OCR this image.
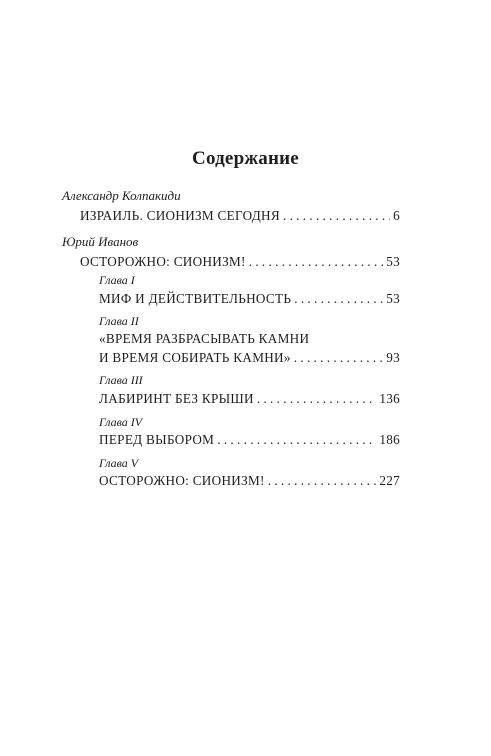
Содержание
Александр Колпакиди
ИЗРАИЛЬ. СИОНИЗМ СЕГОДНЯ . . .	6
Юрий Иванов
ОСТОРОЖНО: СИОНИЗМ! . . .	53
Глава I
МИФ И ДЕЙСТВИТЕЛЬНОСТЬ . . .	53
Глава II
«ВРЕМЯ РАЗБРАСЫВАТЬ КАМНИ
И ВРЕМЯ СОБИРАТЬ КАМНИ» . . .	93
Глава III
ЛАБИРИНТ БЕЗ КРЫШИ . . .	136
Глава IV
ПЕРЕД ВЫБОРОМ . . .	186
Глава V
ОСТОРОЖНО: СИОНИЗМ! . . .	227
